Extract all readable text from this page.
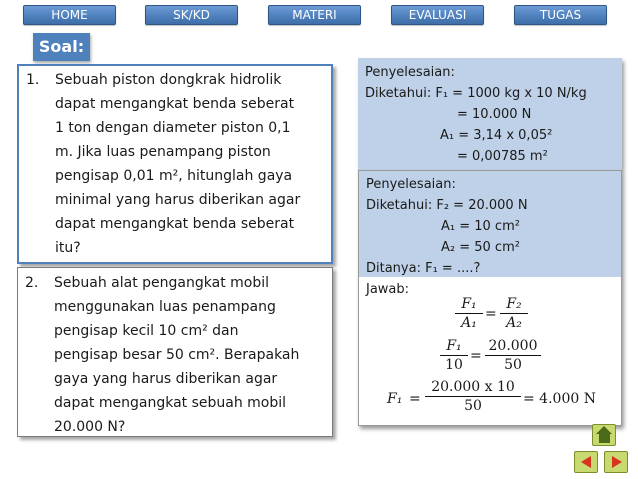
HOME	SK/KD	MATERI	EVALUASI	TUGAS
Soal:
1. Sebuah piston dongkrak hidrolik
dapat mengangkat benda seberat
1 ton dengan diameter piston 0,1
m. Jika luas penampang piston
pengisap 0,01 m², hitunglah gaya
minimal yang harus diberikan agar
dapat mengangkat benda seberat
itu?
2. Sebuah alat pengangkat mobil
menggunakan luas penampang
pengisap kecil 10 cm² dan
pengisap besar 50 cm². Berapakah
gaya yang harus diberikan agar
dapat mengangkat sebuah mobil
20.000 N?
Penyelesaian:
Diketahui: F₁ = 1000 kg x 10 N/kg
= 10.000 N
A₁ = 3,14 x 0,05²
= 0,00785 m²
Penyelesaian:
Diketahui: F₂ = 20.000 N
A₁ = 10 cm²
A₂ = 50 cm²
Ditanya: F₁ = ....?
Jawab:
$\frac{\text{F₁}}{\text{A₁}} = \frac{\text{F₂}}{\text{A₂}}$
$\frac{\text{F₁}}{10} = \frac{20.000}{50}$
$F_1 = \frac{20.000 x 10}{50} = 4.000$ N
